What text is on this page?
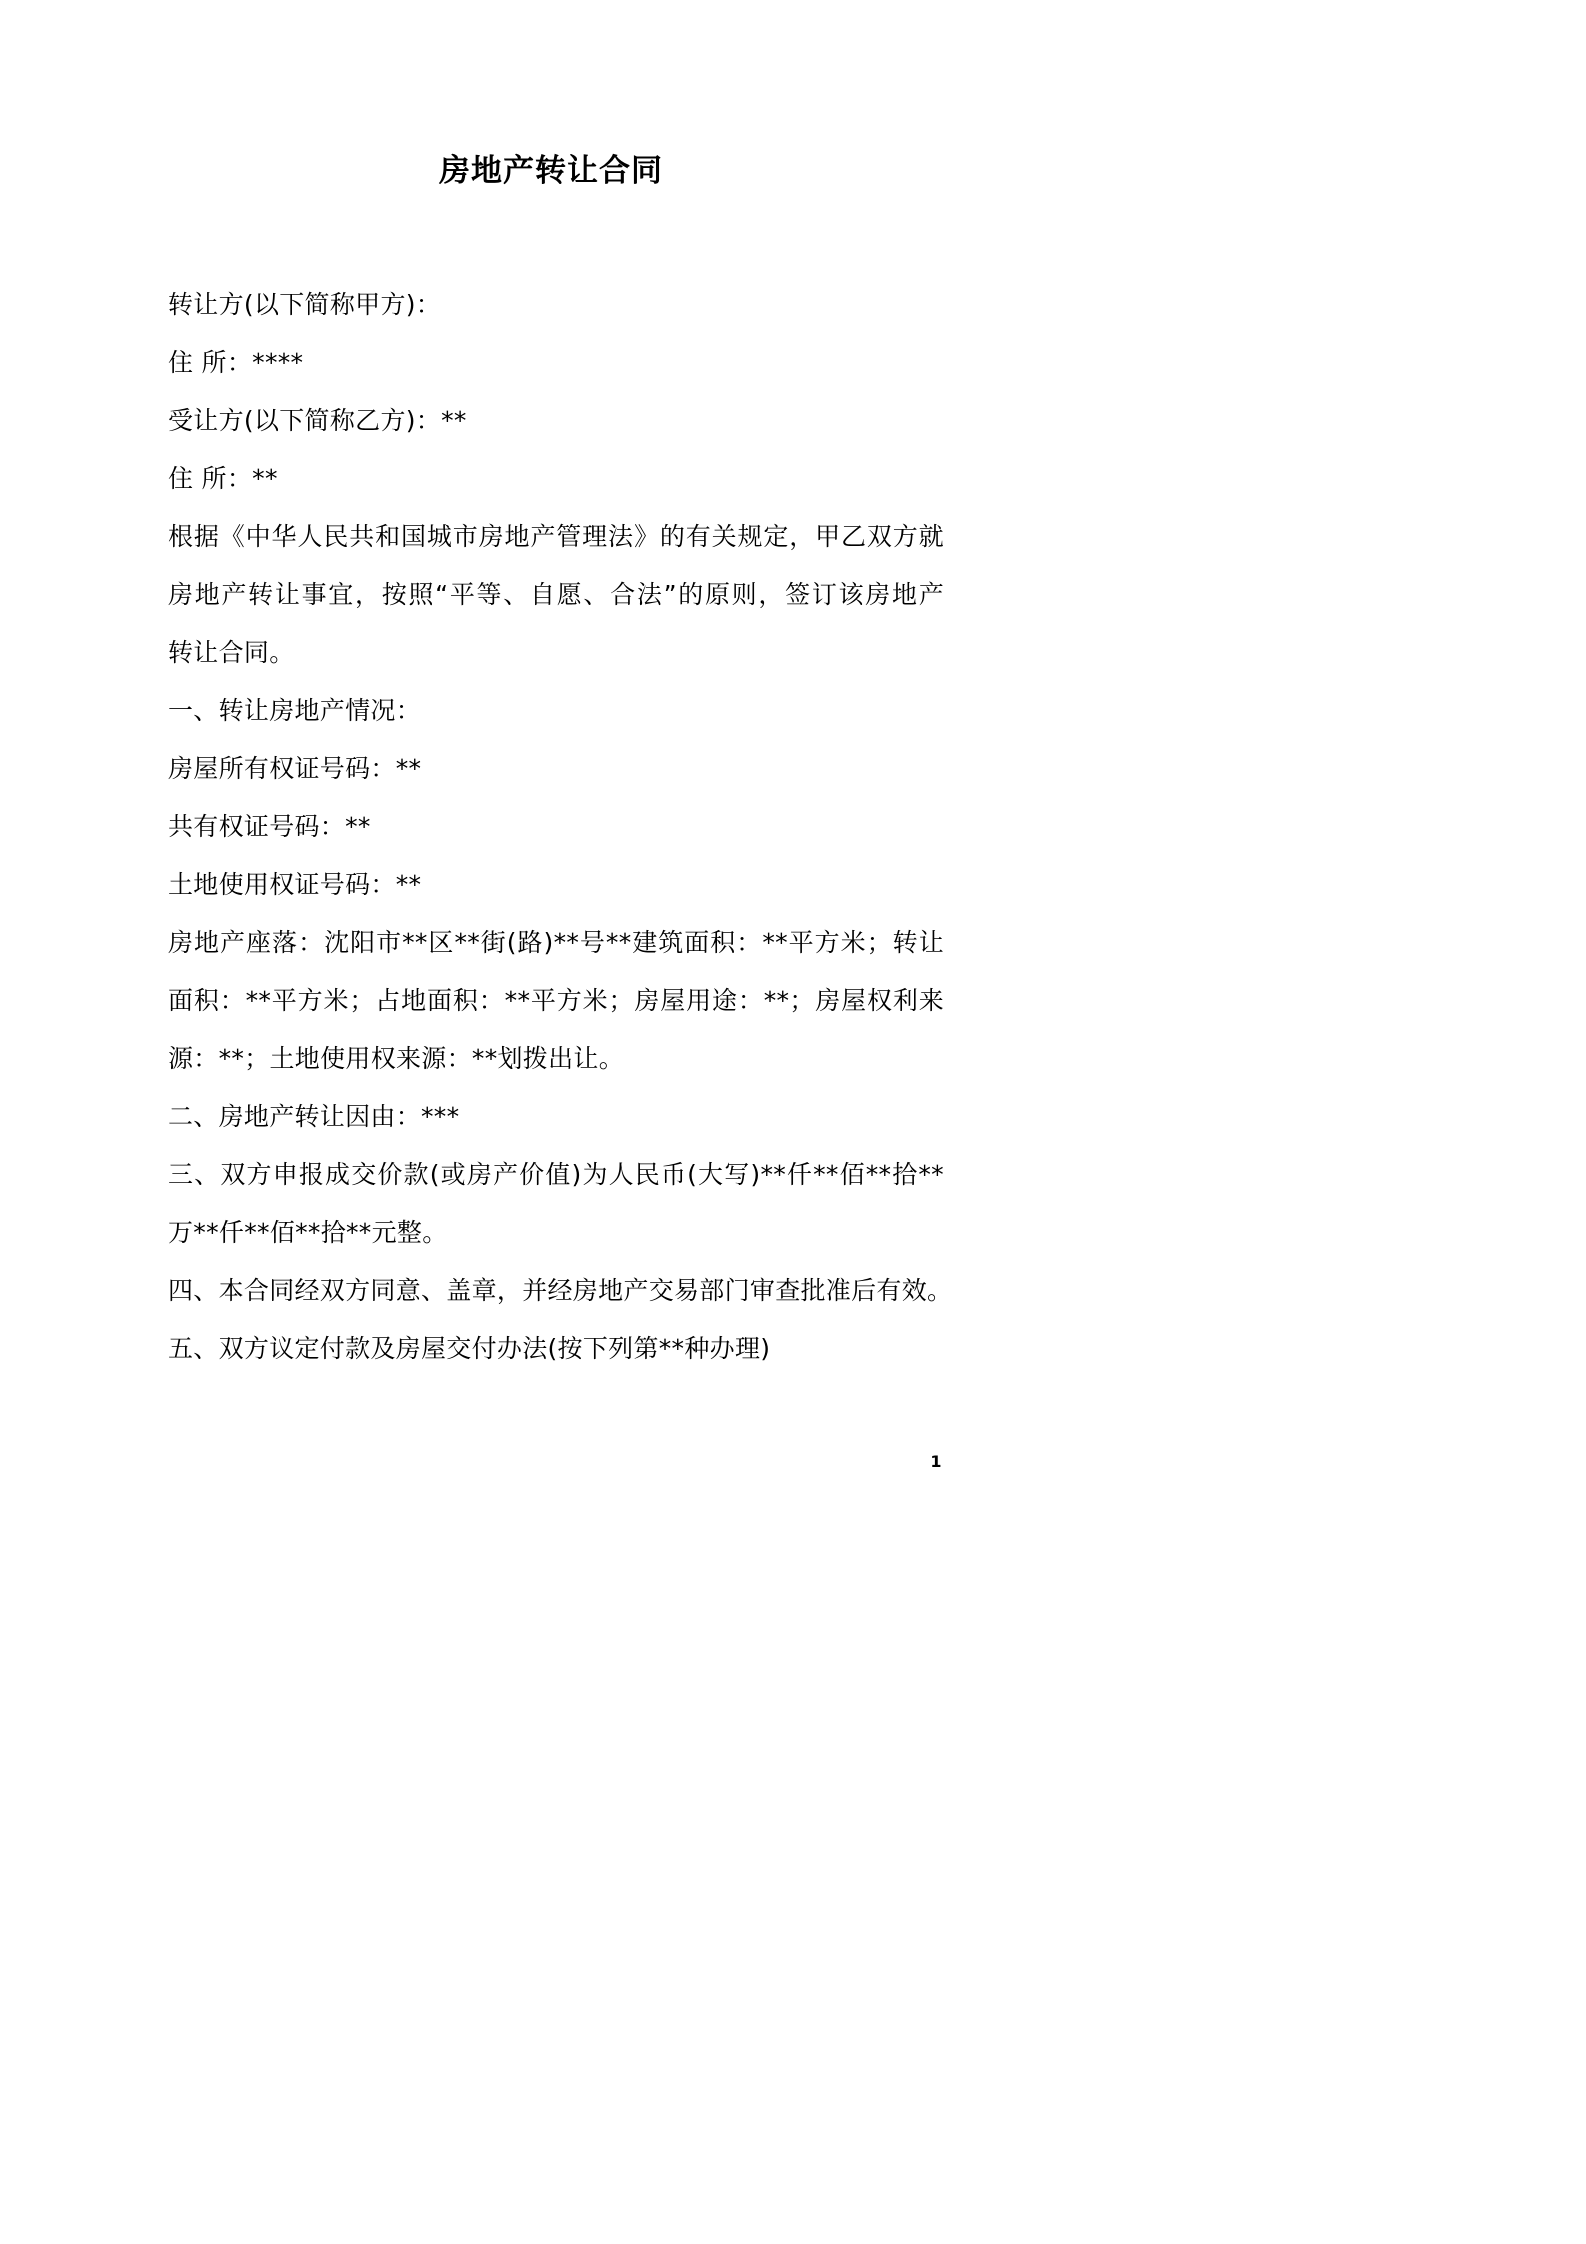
房地产转让合同
转让方(以下简称甲方)：
住 所：****
受让方(以下简称乙方)：**
住 所：**
根据《中华人民共和国城市房地产管理法》的有关规定，甲乙双方就
房地产转让事宜，按照“平等、自愿、合法”的原则，签订该房地产
转让合同。
一、转让房地产情况：
房屋所有权证号码：**
共有权证号码：**
土地使用权证号码：**
房地产座落：沈阳市**区**街(路)**号**建筑面积：**平方米；转让
面积：**平方米；占地面积：**平方米；房屋用途：**；房屋权利来
源：**；土地使用权来源：**划拨出让。
二、房地产转让因由：***
三、双方申报成交价款(或房产价值)为人民币(大写)**仟**佰**拾**
万**仟**佰**拾**元整。
四、本合同经双方同意、盖章，并经房地产交易部门审查批准后有效。
五、双方议定付款及房屋交付办法(按下列第**种办理)
1
